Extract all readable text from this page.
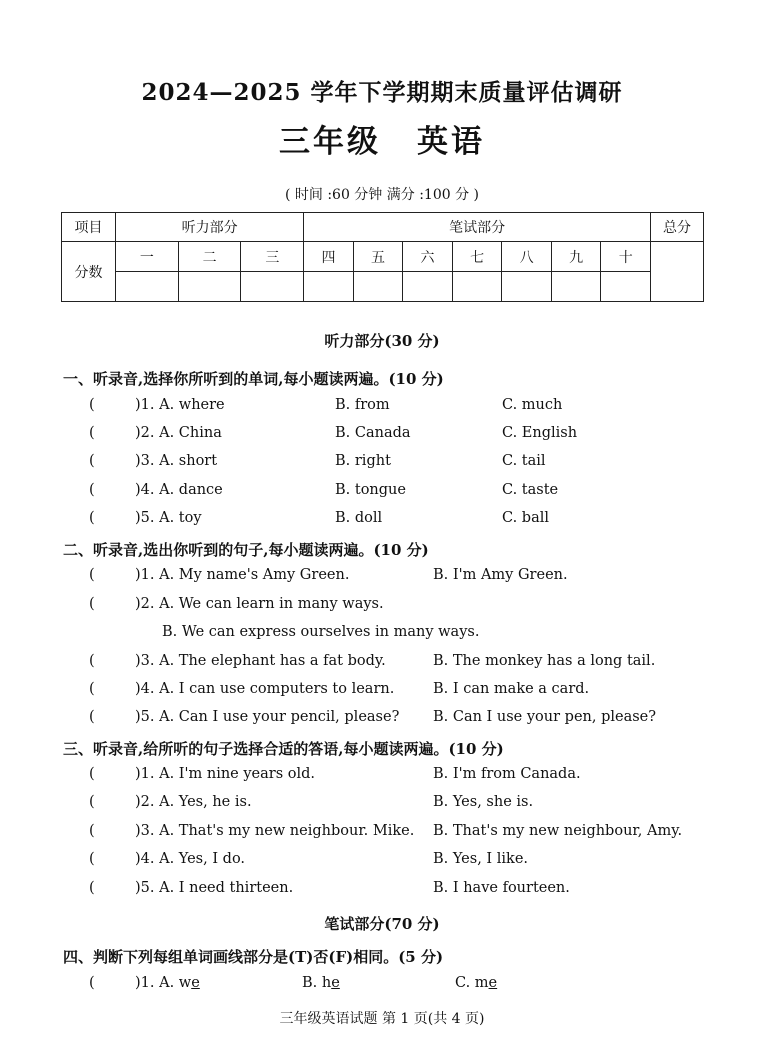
2024—2025 学年下学期期末质量评估调研
三年级 英语
( 时间 :60 分钟 满分 :100 分 )
项目	听力部分			笔试部分							总分
分数	一	二	三	四	五	六	七	八	九	十	

听力部分(30 分)
一、听录音,选择你所听到的单词,每小题读两遍。(10 分)
(	)1. A. where	B. from	C. much
(	)2. A. China	B. Canada	C. English
(	)3. A. short	B. right	C. tail
(	)4. A. dance	B. tongue	C. taste
(	)5. A. toy	B. doll	C. ball
二、听录音,选出你听到的句子,每小题读两遍。(10 分)
(	)1. A. My name's Amy Green.	B. I'm Amy Green.
(	)2. A. We can learn in many ways.
B. We can express ourselves in many ways.
(	)3. A. The elephant has a fat body.	B. The monkey has a long tail.
(	)4. A. I can use computers to learn.	B. I can make a card.
(	)5. A. Can I use your pencil, please? B. Can I use your pen, please?
三、听录音,给所听的句子选择合适的答语,每小题读两遍。(10 分)
(	)1. A. I'm nine years old.	B. I'm from Canada.
(	)2. A. Yes, he is.	B. Yes, she is.
(	)3. A. That's my new neighbour. Mike. B. That's my new neighbour, Amy.
(	)4. A. Yes, I do.	B. Yes, I like.
(	)5. A. I need thirteen.	B. I have fourteen.
笔试部分(70 分)
四、判断下列每组单词画线部分是(T)否(F)相同。(5 分)
(	)1. A. we	B. he	C. me
三年级英语试题 第 1 页(共 4 页)
